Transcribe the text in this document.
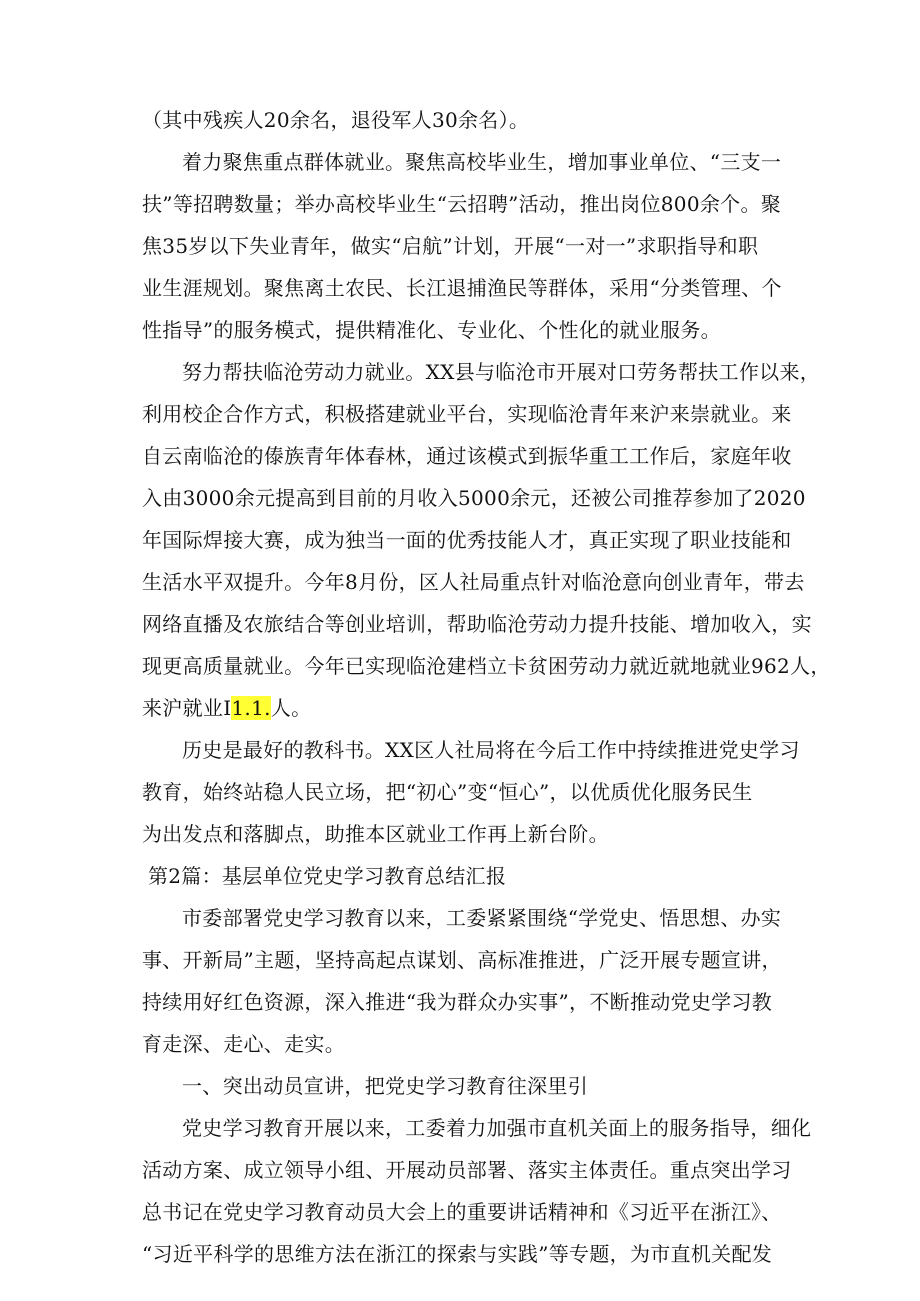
（其中残疾人20余名，退役军人30余名）。
着力聚焦重点群体就业。聚焦高校毕业生，增加事业单位、“三支一
扶”等招聘数量；举办高校毕业生“云招聘”活动，推出岗位800余个。聚
焦35岁以下失业青年，做实“启航”计划，开展“一对一”求职指导和职
业生涯规划。聚焦离土农民、长江退捕渔民等群体，采用“分类管理、个
性指导”的服务模式，提供精准化、专业化、个性化的就业服务。
努力帮扶临沧劳动力就业。XX县与临沧市开展对口劳务帮扶工作以来，
利用校企合作方式，积极搭建就业平台，实现临沧青年来沪来崇就业。来
自云南临沧的傣族青年体春林，通过该模式到振华重工工作后，家庭年收
入由3000余元提高到目前的月收入5000余元，还被公司推荐参加了2020
年国际焊接大赛，成为独当一面的优秀技能人才，真正实现了职业技能和
生活水平双提升。今年8月份，区人社局重点针对临沧意向创业青年，带去
网络直播及农旅结合等创业培训，帮助临沧劳动力提升技能、增加收入，实
现更高质量就业。今年已实现临沧建档立卡贫困劳动力就近就地就业962人，
来沪就业I1.1.人。
历史是最好的教科书。XX区人社局将在今后工作中持续推进党史学习
教育，始终站稳人民立场，把“初心”变“恒心”，以优质优化服务民生
为出发点和落脚点，助推本区就业工作再上新台阶。
第2篇：基层单位党史学习教育总结汇报
市委部署党史学习教育以来，工委紧紧围绕“学党史、悟思想、办实
事、开新局”主题，坚持高起点谋划、高标准推进，广泛开展专题宣讲，
持续用好红色资源，深入推进“我为群众办实事”，不断推动党史学习教
育走深、走心、走实。
一、突出动员宣讲，把党史学习教育往深里引
党史学习教育开展以来，工委着力加强市直机关面上的服务指导，细化
活动方案、成立领导小组、开展动员部署、落实主体责任。重点突出学习
总书记在党史学习教育动员大会上的重要讲话精神和《习近平在浙江》、
“习近平科学的思维方法在浙江的探索与实践”等专题，为市直机关配发
